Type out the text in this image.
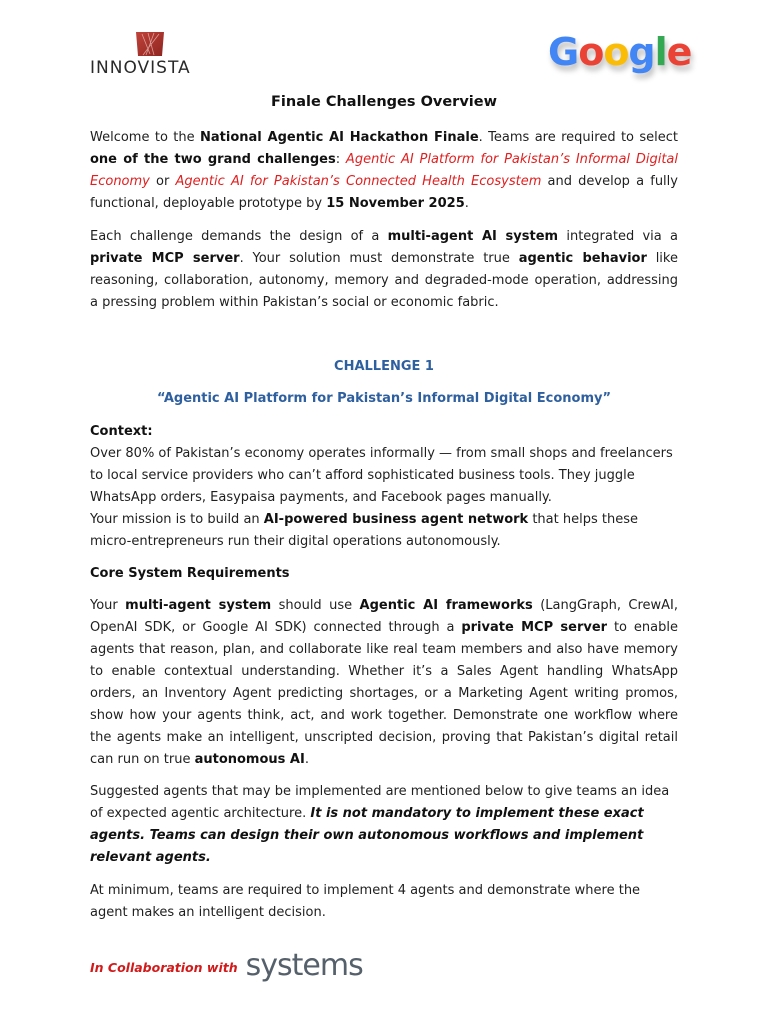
INNOVISTA	Google
Finale Challenges Overview

Welcome to the National Agentic AI Hackathon Finale. Teams are required to select one of the two grand challenges: Agentic AI Platform for Pakistan’s Informal Digital Economy or Agentic AI for Pakistan’s Connected Health Ecosystem and develop a fully functional, deployable prototype by 15 November 2025.

Each challenge demands the design of a multi-agent AI system integrated via a private MCP server. Your solution must demonstrate true agentic behavior like reasoning, collaboration, autonomy, memory and degraded-mode operation, addressing a pressing problem within Pakistan’s social or economic fabric.

CHALLENGE 1

“Agentic AI Platform for Pakistan’s Informal Digital Economy”

Context:

Over 80% of Pakistan’s economy operates informally — from small shops and freelancers to local service providers who can’t afford sophisticated business tools. They juggle WhatsApp orders, Easypaisa payments, and Facebook pages manually.

Your mission is to build an AI-powered business agent network that helps these micro-entrepreneurs run their digital operations autonomously.

Core System Requirements

Your multi-agent system should use Agentic AI frameworks (LangGraph, CrewAI, OpenAI SDK, or Google AI SDK) connected through a private MCP server to enable agents that reason, plan, and collaborate like real team members and also have memory to enable contextual understanding. Whether it’s a Sales Agent handling WhatsApp orders, an Inventory Agent predicting shortages, or a Marketing Agent writing promos, show how your agents think, act, and work together. Demonstrate one workflow where the agents make an intelligent, unscripted decision, proving that Pakistan’s digital retail can run on true autonomous AI.

Suggested agents that may be implemented are mentioned below to give teams an idea of expected agentic architecture. It is not mandatory to implement these exact agents. Teams can design their own autonomous workflows and implement relevant agents.

At minimum, teams are required to implement 4 agents and demonstrate where the agent makes an intelligent decision.

In Collaboration with systems
